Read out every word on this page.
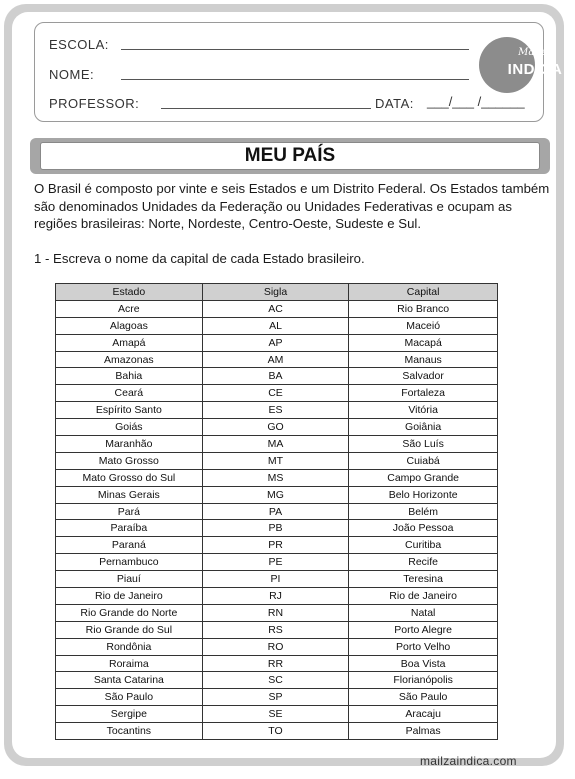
ESCOLA:
NOME:
PROFESSOR:	DATA: ___/___ /______
Mailza
INDICA
MEU PAÍS
O Brasil é composto por vinte e seis Estados e um Distrito Federal. Os Estados também são denominados Unidades da Federação ou Unidades Federativas e ocupam as regiões brasileiras: Norte, Nordeste, Centro-Oeste, Sudeste e Sul.
1 - Escreva o nome da capital de cada Estado brasileiro.
Estado	Sigla	Capital
Acre	AC	Rio Branco
Alagoas	AL	Maceió
Amapá	AP	Macapá
Amazonas	AM	Manaus
Bahia	BA	Salvador
Ceará	CE	Fortaleza
Espírito Santo	ES	Vitória
Goiás	GO	Goiânia
Maranhão	MA	São Luís
Mato Grosso	MT	Cuiabá
Mato Grosso do Sul	MS	Campo Grande
Minas Gerais	MG	Belo Horizonte
Pará	PA	Belém
Paraíba	PB	João Pessoa
Paraná	PR	Curitiba
Pernambuco	PE	Recife
Piauí	PI	Teresina
Rio de Janeiro	RJ	Rio de Janeiro
Rio Grande do Norte	RN	Natal
Rio Grande do Sul	RS	Porto Alegre
Rondônia	RO	Porto Velho
Roraima	RR	Boa Vista
Santa Catarina	SC	Florianópolis
São Paulo	SP	São Paulo
Sergipe	SE	Aracaju
Tocantins	TO	Palmas
mailzaindica.com
